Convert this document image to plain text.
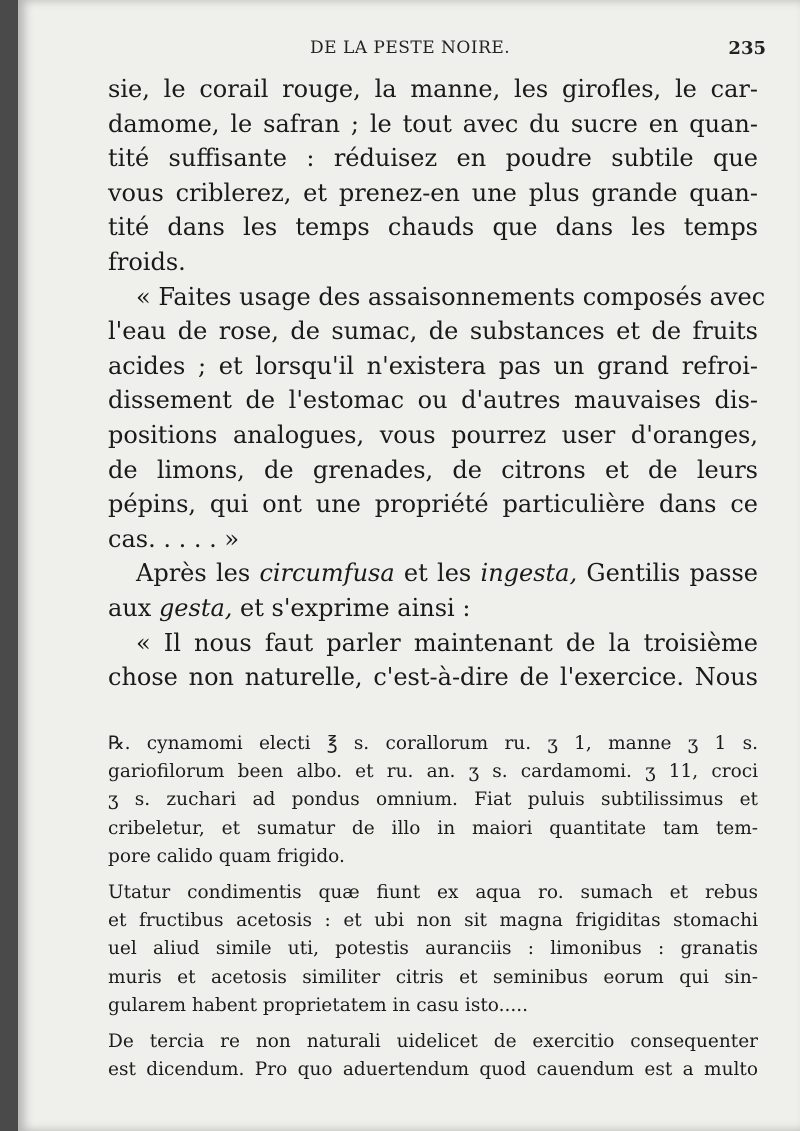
DE LA PESTE NOIRE.	235
sie, le corail rouge, la manne, les girofles, le car-
damome, le safran ; le tout avec du sucre en quan-
tité suffisante : réduisez en poudre subtile que
vous criblerez, et prenez-en une plus grande quan-
tité dans les temps chauds que dans les temps
froids.
« Faites usage des assaisonnements composés avec
l'eau de rose, de sumac, de substances et de fruits
acides ; et lorsqu'il n'existera pas un grand refroi-
dissement de l'estomac ou d'autres mauvaises dis-
positions analogues, vous pourrez user d'oranges,
de limons, de grenades, de citrons et de leurs
pépins, qui ont une propriété particulière dans ce
cas. . . . . »
Après les circumfusa et les ingesta, Gentilis passe
aux gesta, et s'exprime ainsi :
« Il nous faut parler maintenant de la troisième
chose non naturelle, c'est-à-dire de l'exercice. Nous
℞. cynamomi electi ℥ s. corallorum ru. ʒ 1, manne ʒ 1 s.
gariofilorum been albo. et ru. an. ʒ s. cardamomi. ʒ 11, croci
ʒ s. zuchari ad pondus omnium. Fiat puluis subtilissimus et
cribeletur, et sumatur de illo in maiori quantitate tam tem-
pore calido quam frigido.
Utatur condimentis quæ fiunt ex aqua ro. sumach et rebus
et fructibus acetosis : et ubi non sit magna frigiditas stomachi
uel aliud simile uti, potestis auranciis : limonibus : granatis
muris et acetosis similiter citris et seminibus eorum qui sin-
gularem habent proprietatem in casu isto.....
De tercia re non naturali uidelicet de exercitio consequenter
est dicendum. Pro quo aduertendum quod cauendum est a multo
